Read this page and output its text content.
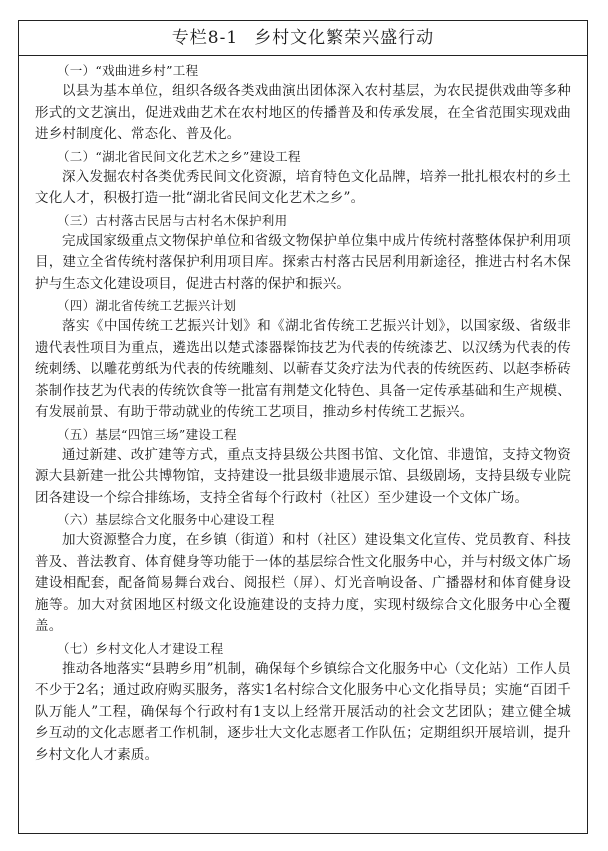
专栏8-1 乡村文化繁荣兴盛行动
（一）“戏曲进乡村”工程

以县为基本单位，组织各级各类戏曲演出团体深入农村基层，为农民提供戏曲等多种形式的文艺演出，促进戏曲艺术在农村地区的传播普及和传承发展，在全省范围实现戏曲进乡村制度化、常态化、普及化。

（二）“湖北省民间文化艺术之乡”建设工程

深入发掘农村各类优秀民间文化资源，培育特色文化品牌，培养一批扎根农村的乡土文化人才，积极打造一批“湖北省民间文化艺术之乡”。

（三）古村落古民居与古村名木保护利用

完成国家级重点文物保护单位和省级文物保护单位集中成片传统村落整体保护利用项目，建立全省传统村落保护利用项目库。探索古村落古民居利用新途径，推进古村名木保护与生态文化建设项目，促进古村落的保护和振兴。

（四）湖北省传统工艺振兴计划

落实《中国传统工艺振兴计划》和《湖北省传统工艺振兴计划》，以国家级、省级非遗代表性项目为重点，遴选出以楚式漆器髹饰技艺为代表的传统漆艺、以汉绣为代表的传统刺绣、以雕花剪纸为代表的传统雕刻、以蕲春艾灸疗法为代表的传统医药、以赵李桥砖茶制作技艺为代表的传统饮食等一批富有荆楚文化特色、具备一定传承基础和生产规模、有发展前景、有助于带动就业的传统工艺项目，推动乡村传统工艺振兴。

（五）基层“四馆三场”建设工程

通过新建、改扩建等方式，重点支持县级公共图书馆、文化馆、非遗馆，支持文物资源大县新建一批公共博物馆，支持建设一批县级非遗展示馆、县级剧场，支持县级专业院团各建设一个综合排练场，支持全省每个行政村（社区）至少建设一个文体广场。

（六）基层综合文化服务中心建设工程

加大资源整合力度，在乡镇（街道）和村（社区）建设集文化宣传、党员教育、科技普及、普法教育、体育健身等功能于一体的基层综合性文化服务中心，并与村级文体广场建设相配套，配备简易舞台戏台、阅报栏（屏）、灯光音响设备、广播器材和体育健身设施等。加大对贫困地区村级文化设施建设的支持力度，实现村级综合文化服务中心全覆盖。

（七）乡村文化人才建设工程

推动各地落实“县聘乡用”机制，确保每个乡镇综合文化服务中心（文化站）工作人员不少于2名；通过政府购买服务，落实1名村综合文化服务中心文化指导员；实施“百团千队万能人”工程，确保每个行政村有1支以上经常开展活动的社会文艺团队；建立健全城乡互动的文化志愿者工作机制，逐步壮大文化志愿者工作队伍；定期组织开展培训，提升乡村文化人才素质。
